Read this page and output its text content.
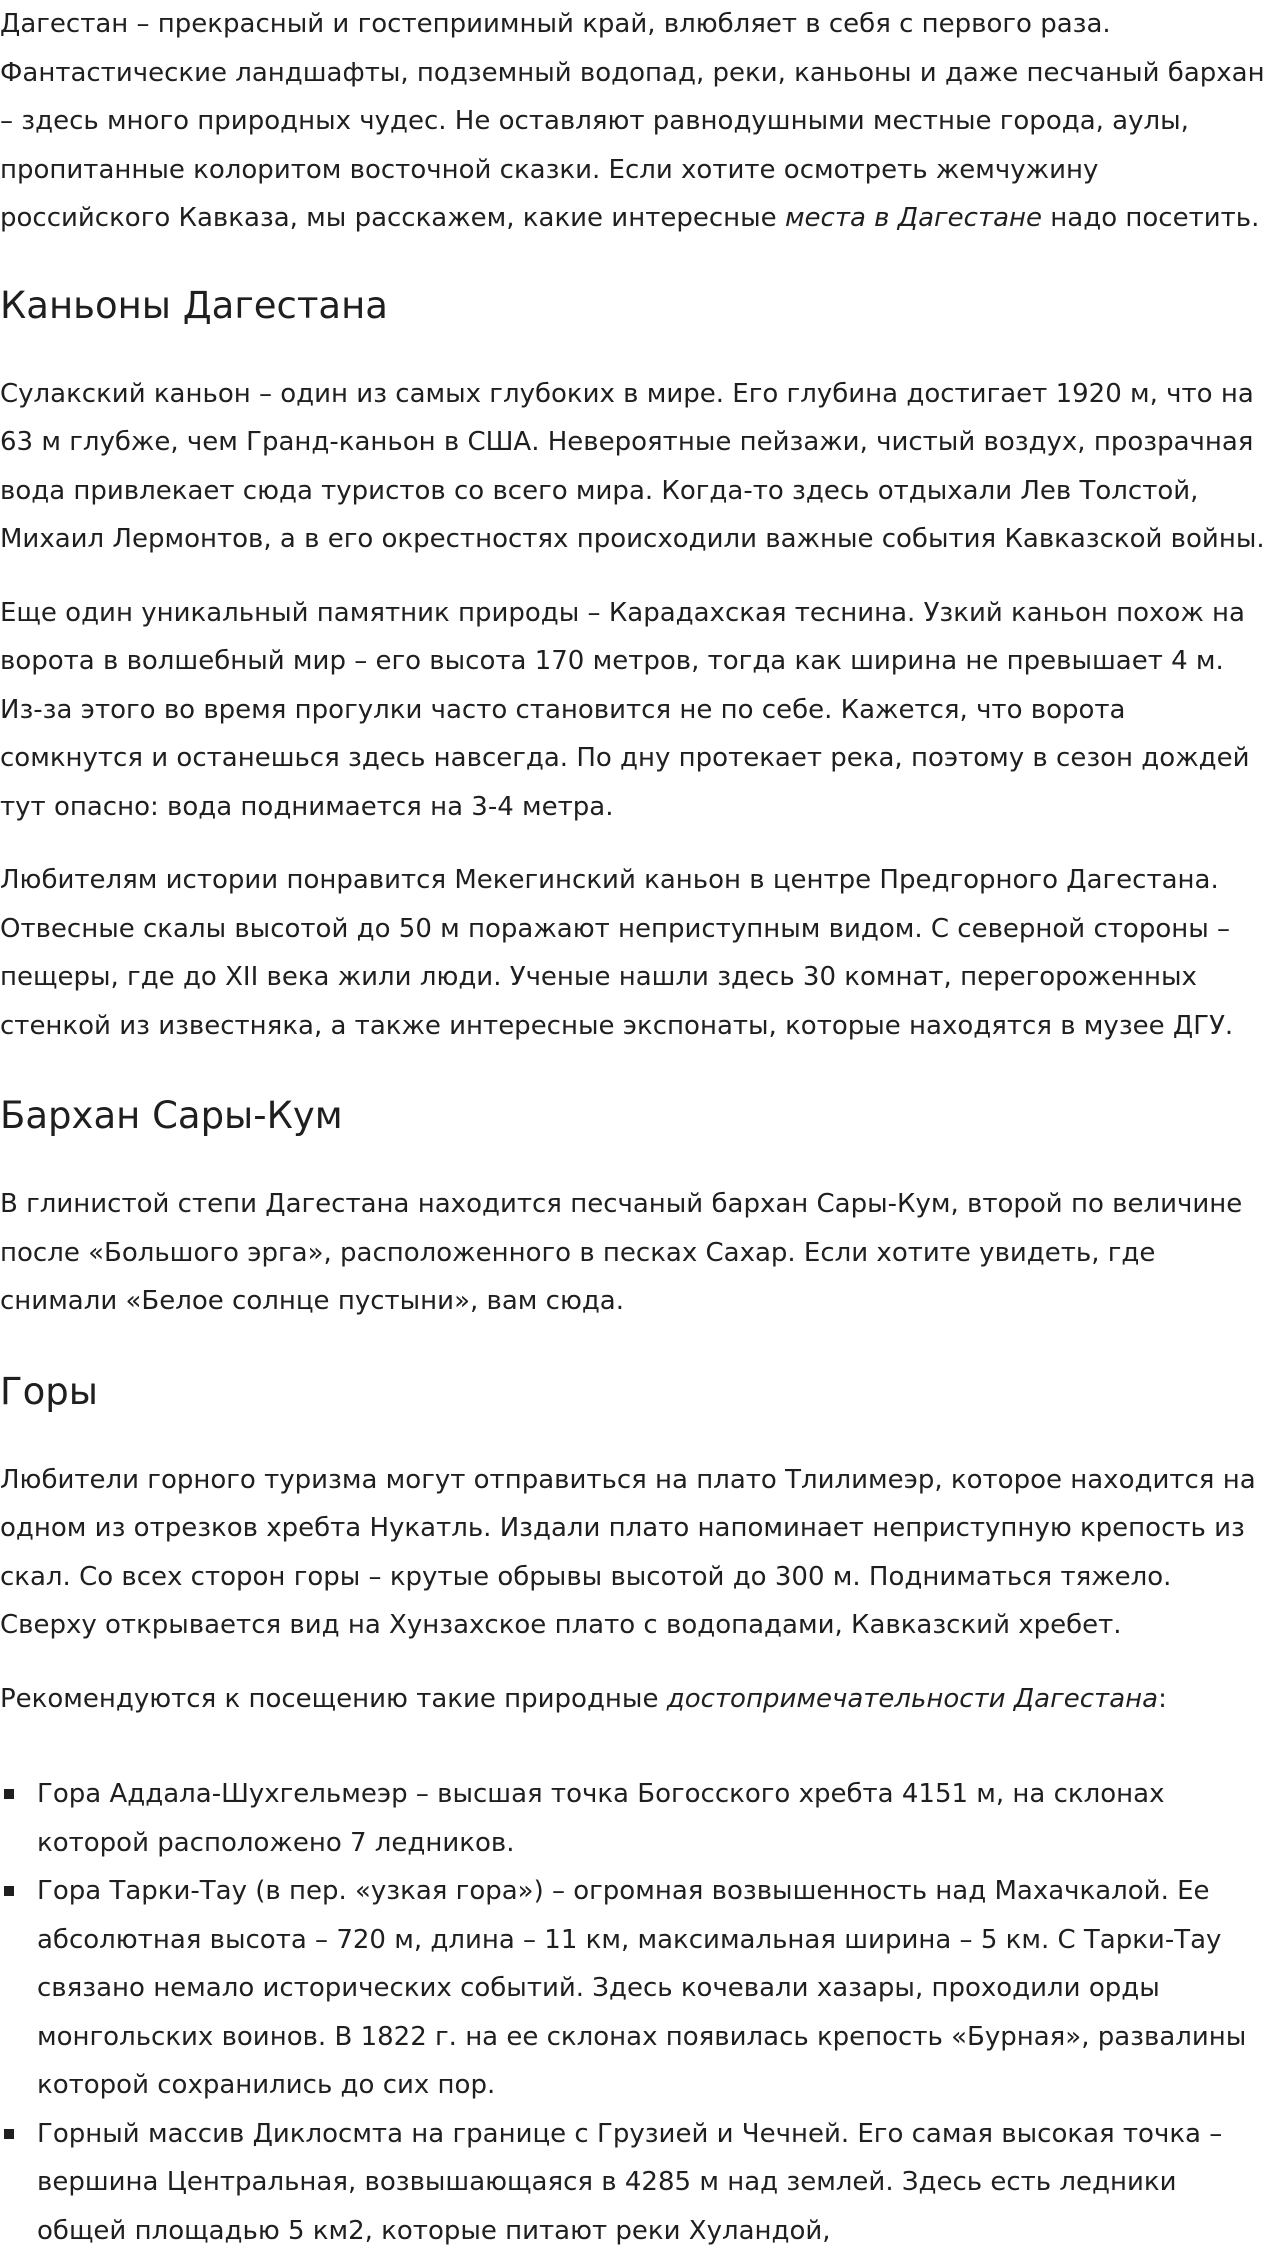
Дагестан – прекрасный и гостеприимный край, влюбляет в себя с первого раза. Фантастические ландшафты, подземный водопад, реки, каньоны и даже песчаный бархан – здесь много природных чудес. Не оставляют равнодушными местные города, аулы, пропитанные колоритом восточной сказки. Если хотите осмотреть жемчужину российского Кавказа, мы расскажем, какие интересные места в Дагестане надо посетить.

Каньоны Дагестана

Сулакский каньон – один из самых глубоких в мире. Его глубина достигает 1920 м, что на 63 м глубже, чем Гранд-каньон в США. Невероятные пейзажи, чистый воздух, прозрачная вода привлекает сюда туристов со всего мира. Когда-то здесь отдыхали Лев Толстой, Михаил Лермонтов, а в его окрестностях происходили важные события Кавказской войны.

Еще один уникальный памятник природы – Карадахская теснина. Узкий каньон похож на ворота в волшебный мир – его высота 170 метров, тогда как ширина не превышает 4 м. Из-за этого во время прогулки часто становится не по себе. Кажется, что ворота сомкнутся и останешься здесь навсегда. По дну протекает река, поэтому в сезон дождей тут опасно: вода поднимается на 3-4 метра.

Любителям истории понравится Мекегинский каньон в центре Предгорного Дагестана. Отвесные скалы высотой до 50 м поражают неприступным видом. С северной стороны – пещеры, где до XII века жили люди. Ученые нашли здесь 30 комнат, перегороженных стенкой из известняка, а также интересные экспонаты, которые находятся в музее ДГУ.

Бархан Сары-Кум

В глинистой степи Дагестана находится песчаный бархан Сары-Кум, второй по величине после «Большого эрга», расположенного в песках Сахар. Если хотите увидеть, где снимали «Белое солнце пустыни», вам сюда.

Горы

Любители горного туризма могут отправиться на плато Тлилимеэр, которое находится на одном из отрезков хребта Нукатль. Издали плато напоминает неприступную крепость из скал. Со всех сторон горы – крутые обрывы высотой до 300 м. Подниматься тяжело. Сверху открывается вид на Хунзахское плато с водопадами, Кавказский хребет.

Рекомендуются к посещению такие природные достопримечательности Дагестана:

Гора Аддала-Шухгельмеэр – высшая точка Богосского хребта 4151 м, на склонах которой расположено 7 ледников.
Гора Тарки-Тау (в пер. «узкая гора») – огромная возвышенность над Махачкалой. Ее абсолютная высота – 720 м, длина – 11 км, максимальная ширина – 5 км. С Тарки-Тау связано немало исторических событий. Здесь кочевали хазары, проходили орды монгольских воинов. В 1822 г. на ее склонах появилась крепость «Бурная», развалины которой сохранились до сих пор.
Горный массив Диклосмта на границе с Грузией и Чечней. Его самая высокая точка – вершина Центральная, возвышающаяся в 4285 м над землей. Здесь есть ледники общей площадью 5 км2, которые питают реки Хуландой,
